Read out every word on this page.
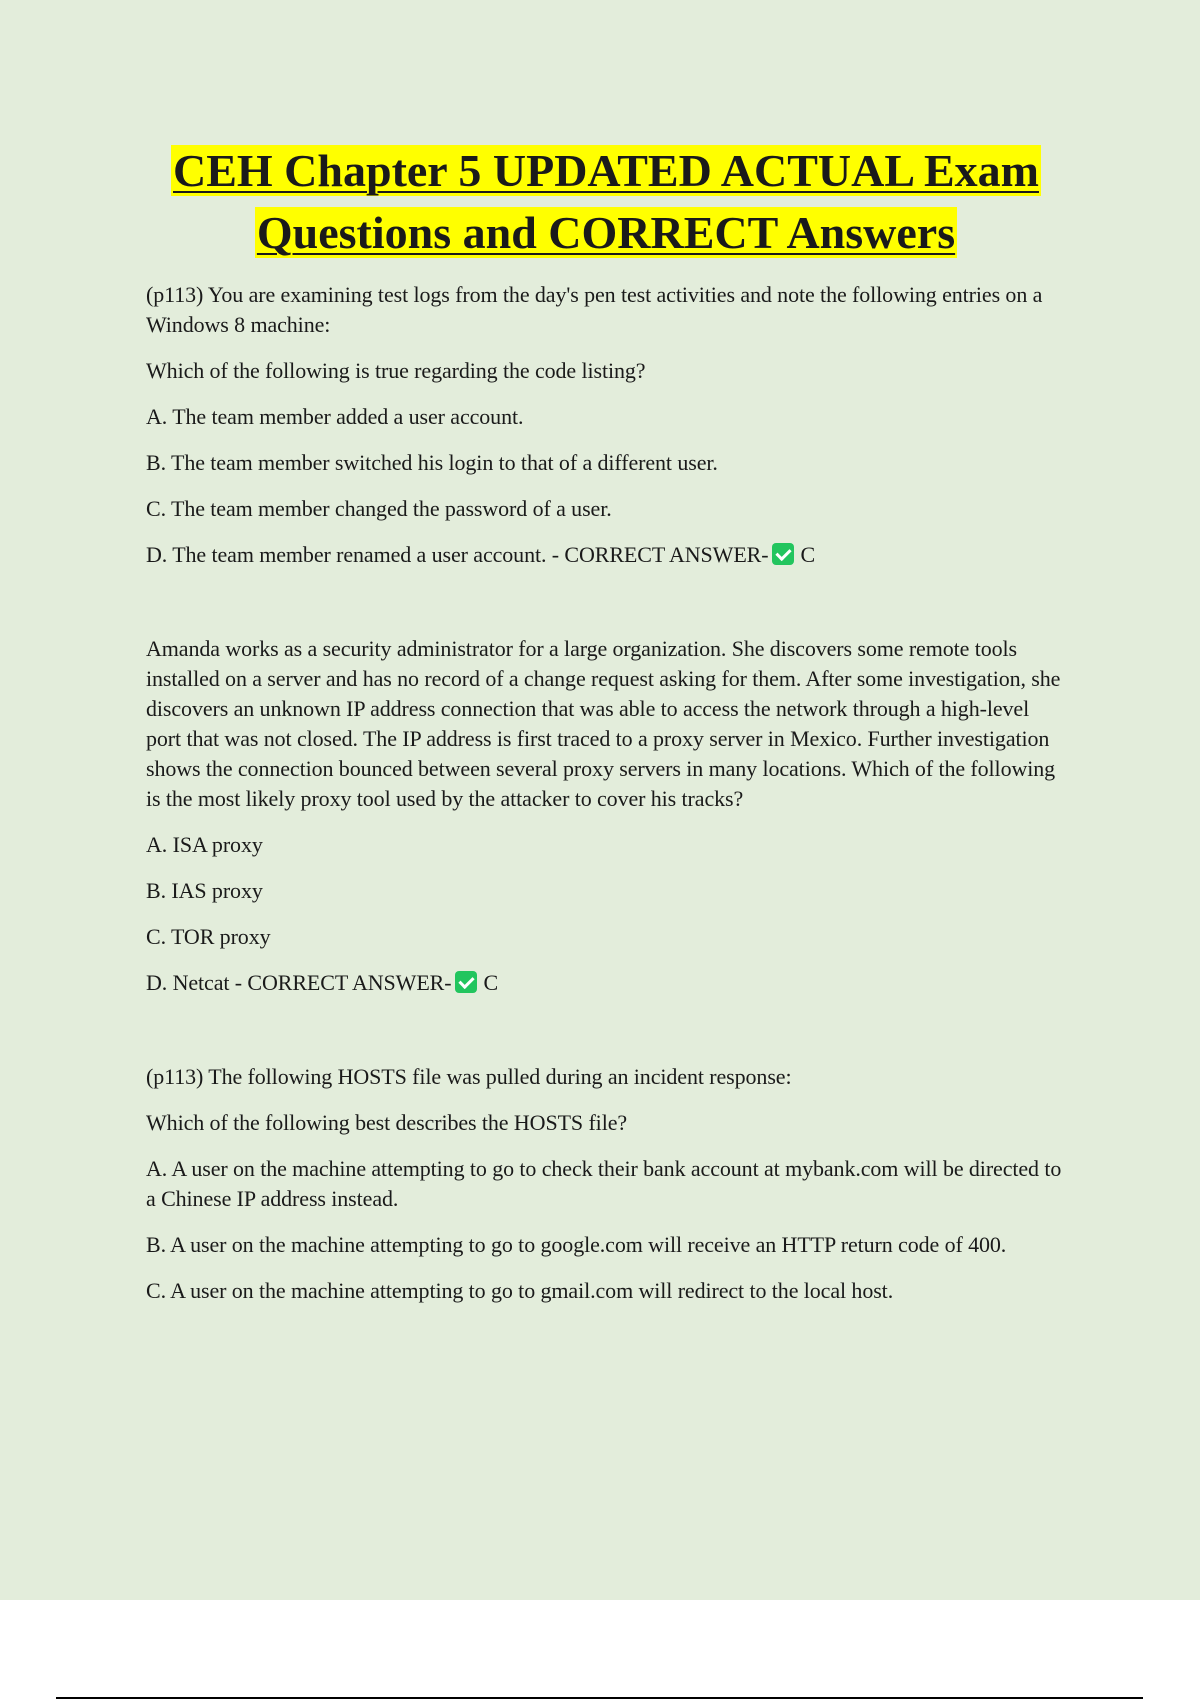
CEH Chapter 5 UPDATED ACTUAL Exam
Questions and CORRECT Answers

(p113) You are examining test logs from the day's pen test activities and note the following entries on a Windows 8 machine:

Which of the following is true regarding the code listing?

A. The team member added a user account.

B. The team member switched his login to that of a different user.

C. The team member changed the password of a user.

D. The team member renamed a user account. - CORRECT ANSWER- C

Amanda works as a security administrator for a large organization. She discovers some remote tools installed on a server and has no record of a change request asking for them. After some investigation, she discovers an unknown IP address connection that was able to access the network through a high-level port that was not closed. The IP address is first traced to a proxy server in Mexico. Further investigation shows the connection bounced between several proxy servers in many locations. Which of the following is the most likely proxy tool used by the attacker to cover his tracks?

A. ISA proxy

B. IAS proxy

C. TOR proxy

D. Netcat - CORRECT ANSWER- C

(p113) The following HOSTS file was pulled during an incident response:

Which of the following best describes the HOSTS file?

A. A user on the machine attempting to go to check their bank account at mybank.com will be directed to a Chinese IP address instead.

B. A user on the machine attempting to go to google.com will receive an HTTP return code of 400.

C. A user on the machine attempting to go to gmail.com will redirect to the local host.
